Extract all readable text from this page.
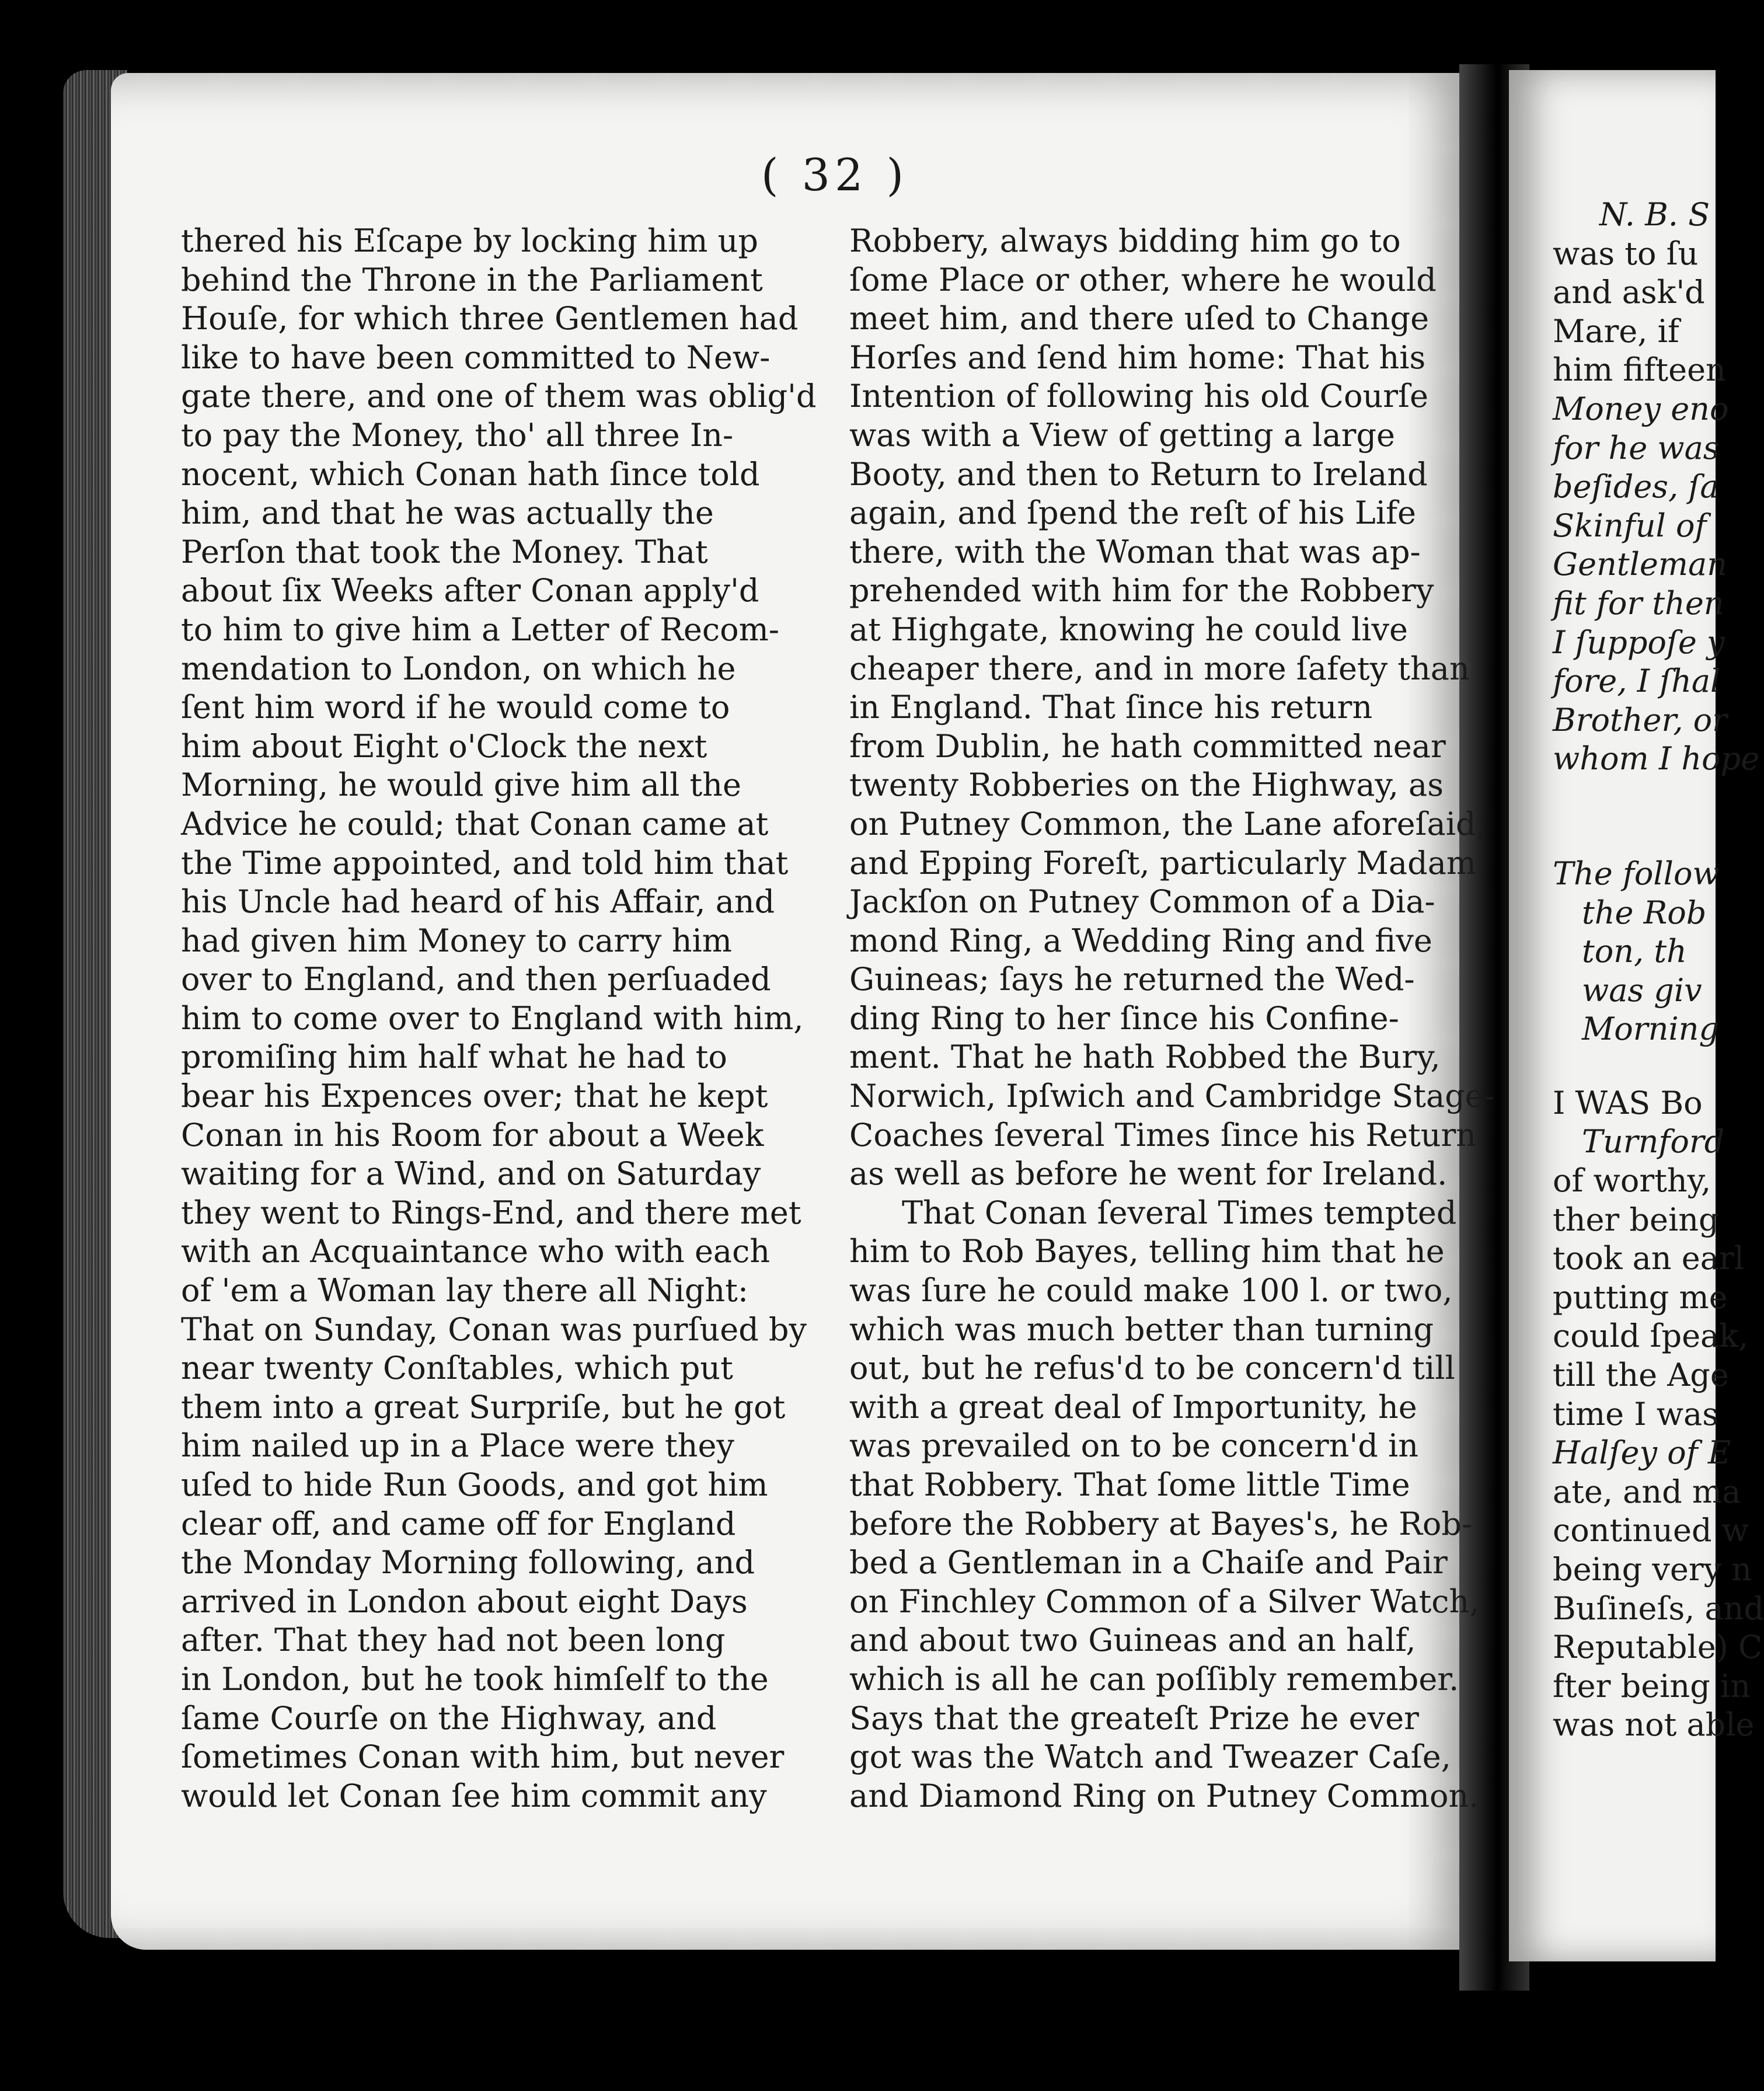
( 32 )
thered his Eſcape by locking him up
behind the Throne in the Parliament
Houſe, for which three Gentlemen had
like to have been committed to New-
gate there, and one of them was oblig'd
to pay the Money, tho' all three In-
nocent, which Conan hath ſince told
him, and that he was actually the
Perſon that took the Money. That
about ſix Weeks after Conan apply'd
to him to give him a Letter of Recom-
mendation to London, on which he
ſent him word if he would come to
him about Eight o'Clock the next
Morning, he would give him all the
Advice he could; that Conan came at
the Time appointed, and told him that
his Uncle had heard of his Affair, and
had given him Money to carry him
over to England, and then perſuaded
him to come over to England with him,
promiſing him half what he had to
bear his Expences over; that he kept
Conan in his Room for about a Week
waiting for a Wind, and on Saturday
they went to Rings-End, and there met
with an Acquaintance who with each
of 'em a Woman lay there all Night:
That on Sunday, Conan was purſued by
near twenty Conſtables, which put
them into a great Surpriſe, but he got
him nailed up in a Place were they
uſed to hide Run Goods, and got him
clear off, and came off for England
the Monday Morning following, and
arrived in London about eight Days
after. That they had not been long
in London, but he took himſelf to the
ſame Courſe on the Highway, and
ſometimes Conan with him, but never
would let Conan ſee him commit any
Robbery, always bidding him go to
ſome Place or other, where he would
meet him, and there uſed to Change
Horſes and ſend him home: That his
Intention of following his old Courſe
was with a View of getting a large
Booty, and then to Return to Ireland
again, and ſpend the reſt of his Life
there, with the Woman that was ap-
prehended with him for the Robbery
at Highgate, knowing he could live
cheaper there, and in more ſafety than
in England. That ſince his return
from Dublin, he hath committed near
twenty Robberies on the Highway, as
on Putney Common, the Lane aforeſaid,
and Epping Foreſt, particularly Madam
Jackſon on Putney Common of a Dia-
mond Ring, a Wedding Ring and five
Guineas; ſays he returned the Wed-
ding Ring to her ſince his Confine-
ment. That he hath Robbed the Bury,
Norwich, Ipſwich and Cambridge Stage-
Coaches ſeveral Times ſince his Return
as well as before he went for Ireland.
That Conan ſeveral Times tempted
him to Rob Bayes, telling him that he
was ſure he could make 100 l. or two,
which was much better than turning
out, but he refus'd to be concern'd till
with a great deal of Importunity, he
was prevailed on to be concern'd in
that Robbery. That ſome little Time
before the Robbery at Bayes's, he Rob-
bed a Gentleman in a Chaiſe and Pair
on Finchley Common of a Silver Watch,
and about two Guineas and an half,
which is all he can poſſibly remember.
Says that the greateſt Prize he ever
got was the Watch and Tweazer Caſe,
and Diamond Ring on Putney Common.
N. B. S
was to ſu
and ask'd
Mare, if
him fifteen
Money eno
for he was
beſides, ſa
Skinful of
Gentleman
fit for then
I ſuppoſe y
fore, I ſhal
Brother, or
whom I hope
The follow
the Rob
ton, th
was giv
Morning
I WAS Bo
Turnford
of worthy,
ther being
took an earl
putting me
could ſpeak,
till the Age
time I was
Halſey of E
ate, and ma
continued w
being very n
Buſineſs, and
Reputable) C
fter being in
was not able
